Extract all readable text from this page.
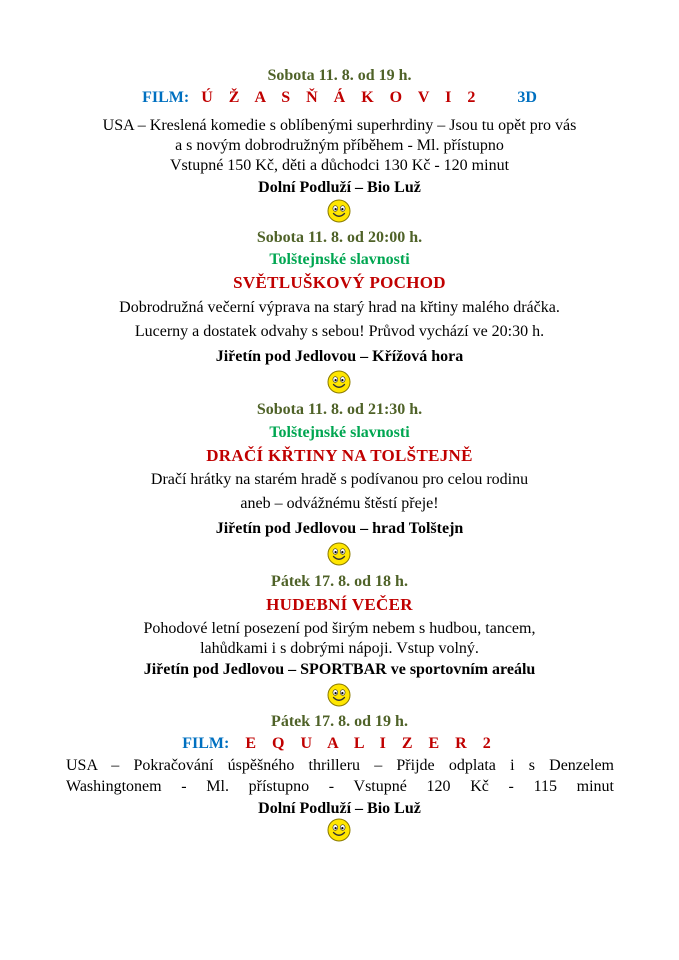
Sobota 11. 8. od 19 h.
FILM: Ú Ž A S Ň Á K O V I 2 3D
USA – Kreslená komedie s oblíbenými superhrdiny – Jsou tu opět pro vás
a s novým dobrodružným příběhem - Ml. přístupno
Vstupné 150 Kč, děti a důchodci 130 Kč - 120 minut
Dolní Podluží – Bio Luž
Sobota 11. 8. od 20:00 h.
Tolštejnské slavnosti
SVĚTLUŠKOVÝ POCHOD
Dobrodružná večerní výprava na starý hrad na křtiny malého dráčka.
Lucerny a dostatek odvahy s sebou! Průvod vychází ve 20:30 h.
Jiřetín pod Jedlovou – Křížová hora
Sobota 11. 8. od 21:30 h.
Tolštejnské slavnosti
DRAČÍ KŘTINY NA TOLŠTEJNĚ
Dračí hrátky na starém hradě s podívanou pro celou rodinu
aneb – odvážnému štěstí přeje!
Jiřetín pod Jedlovou – hrad Tolštejn
Pátek 17. 8. od 18 h.
HUDEBNÍ VEČER
Pohodové letní posezení pod širým nebem s hudbou, tancem,
lahůdkami i s dobrými nápoji. Vstup volný.
Jiřetín pod Jedlovou – SPORTBAR ve sportovním areálu
Pátek 17. 8. od 19 h.
FILM: E Q U A L I Z E R 2
USA – Pokračování úspěšného thrilleru – Přijde odplata i s Denzelem
Washingtonem - Ml. přístupno - Vstupné 120 Kč - 115 minut
Dolní Podluží – Bio Luž
